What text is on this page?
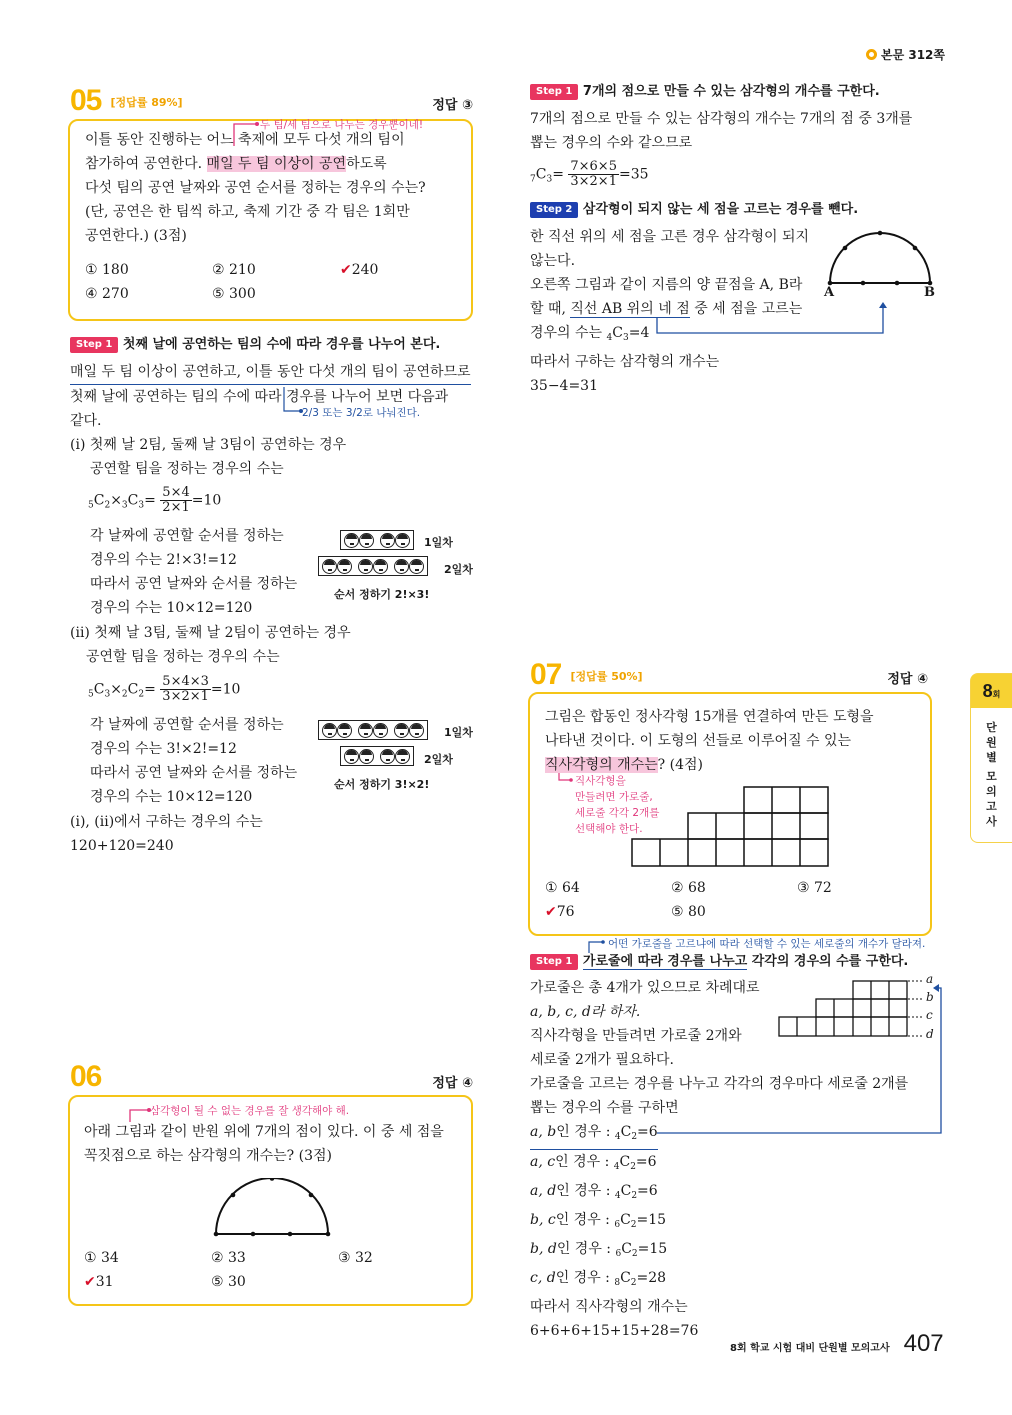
본문 312쪽
05 [정답률 89%]	정답 ③
두 팀/세 팀으로 나누는 경우뿐이네!
이틀 동안 진행하는 어느 축제에 모두 다섯 개의 팀이
참가하여 공연한다. 매일 두 팀 이상이 공연하도록
다섯 팀의 공연 날짜와 공연 순서를 정하는 경우의 수는?
(단, 공연은 한 팀씩 하고, 축제 기간 중 각 팀은 1회만
공연한다.) (3점)
① 180	② 210	✔240
④ 270	⑤ 300
Step 1 첫째 날에 공연하는 팀의 수에 따라 경우를 나누어 본다.
매일 두 팀 이상이 공연하고, 이틀 동안 다섯 개의 팀이 공연하므로
첫째 날에 공연하는 팀의 수에 따라 경우를 나누어 보면 다음과
같다.	2/3 또는 3/2로 나눠진다.
(ⅰ) 첫째 날 2팀, 둘째 날 3팀이 공연하는 경우
공연할 팀을 정하는 경우의 수는
$_5C_2\times_3C_3= \frac{5\times 4}{2\times 1} =10$
각 날짜에 공연할 순서를 정하는
경우의 수는 2!×3!=12
따라서 공연 날짜와 순서를 정하는
경우의 수는 10×12=120
1일차
2일차
순서 정하기 2!×3!
(ⅱ) 첫째 날 3팀, 둘째 날 2팀이 공연하는 경우
공연할 팀을 정하는 경우의 수는
$_5C_3\times_2C_2= \frac{5\times 4\times 3}{3\times 2\times 1} =10$
각 날짜에 공연할 순서를 정하는
경우의 수는 3!×2!=12
따라서 공연 날짜와 순서를 정하는
경우의 수는 10×12=120
1일차
2일차
순서 정하기 3!×2!
(ⅰ), (ⅱ)에서 구하는 경우의 수는
120+120=240
06	정답 ④
삼각형이 될 수 없는 경우를 잘 생각해야 해.
아래 그림과 같이 반원 위에 7개의 점이 있다. 이 중 세 점을
꼭짓점으로 하는 삼각형의 개수는? (3점)
① 34	② 33	③ 32
✔31	⑤ 30
Step 1 7개의 점으로 만들 수 있는 삼각형의 개수를 구한다.
7개의 점으로 만들 수 있는 삼각형의 개수는 7개의 점 중 3개를
뽑는 경우의 수와 같으므로
$_7C_3= \frac{7\times 6\times 5}{3\times 2\times 1} =35$
Step 2 삼각형이 되지 않는 세 점을 고르는 경우를 뺀다.
한 직선 위의 세 점을 고른 경우 삼각형이 되지
않는다.
오른쪽 그림과 같이 지름의 양 끝점을 A, B라
할 때, 직선 AB 위의 네 점 중 세 점을 고르는
경우의 수는 $_4C_3=4$
따라서 구하는 삼각형의 개수는
35−4=31
A	B
07 [정답률 50%]	정답 ④
그림은 합동인 정사각형 15개를 연결하여 만든 도형을
나타낸 것이다. 이 도형의 선들로 이루어질 수 있는
직사각형의 개수는? (4점)
직사각형을
만들려면 가로줄,
세로줄 각각 2개를
선택해야 한다.
① 64	② 68	③ 72
✔76	⑤ 80
어떤 가로줄을 고르냐에 따라 선택할 수 있는 세로줄의 개수가 달라져.
Step 1 가로줄에 따라 경우를 나누고 각각의 경우의 수를 구한다.
가로줄은 총 4개가 있으므로 차례대로
a, b, c, d라 하자.
직사각형을 만들려면 가로줄 2개와
세로줄 2개가 필요하다.
가로줄을 고르는 경우를 나누고 각각의 경우마다 세로줄 2개를
뽑는 경우의 수를 구하면
a, b인 경우 : $_4C_2=6$
a, c인 경우 : $_4C_2=6$
a, d인 경우 : $_4C_2=6$
b, c인 경우 : $_6C_2=15$
b, d인 경우 : $_6C_2=15$
c, d인 경우 : $_8C_2=28$
따라서 직사각형의 개수는
6+6+6+15+15+28=76
a
b
c
d
8 회
단
원
별
모
의
고
사
8회 학교 시험 대비 단원별 모의고사 407
